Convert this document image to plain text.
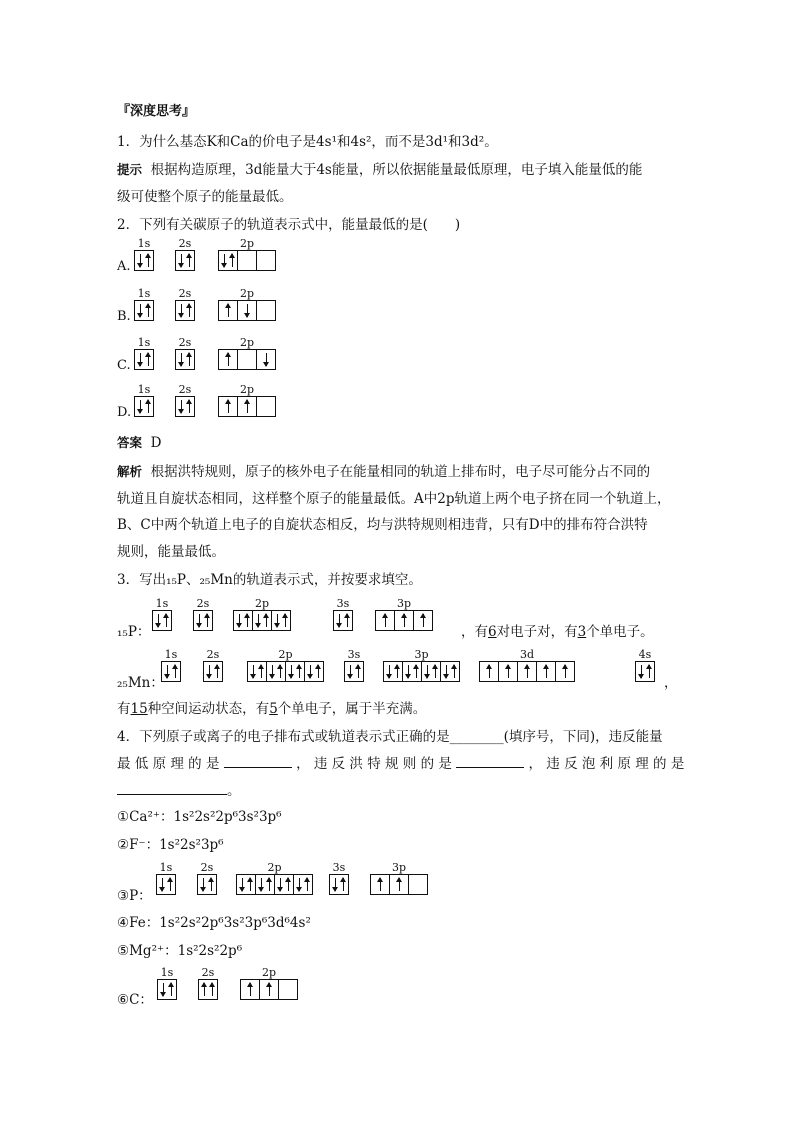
『深度思考』
1．为什么基态K和Ca的价电子是4s¹和4s²，而不是3d¹和3d²。
提示 根据构造原理，3d能量大于4s能量，所以依据能量最低原理，电子填入能量低的能
级可使整个原子的能量最低。
2．下列有关碳原子的轨道表示式中，能量最低的是(　　)
A.
1s	2s	2p
B.
1s	2s	2p
C.
1s	2s	2p
D.
1s	2s	2p
答案 D
解析 根据洪特规则，原子的核外电子在能量相同的轨道上排布时，电子尽可能分占不同的
轨道且自旋状态相同，这样整个原子的能量最低。A中2p轨道上两个电子挤在同一个轨道上，
B、C中两个轨道上电子的自旋状态相反，均与洪特规则相违背，只有D中的排布符合洪特
规则，能量最低。
3．写出₁₅P、₂₅Mn的轨道表示式，并按要求填空。
₁₅P：
1s	2s	2p	3s	3p
，有6对电子对，有3个单电子。
₂₅Mn：
1s	2s	2p	3s	3p	3d	4s
，
有15种空间运动状态，有5个单电子，属于半充满。
4．下列原子或离子的电子排布式或轨道表示式正确的是________(填序号，下同)，违反能量
最 低 原 理 的 是	， 违 反 洪 特 规 则 的 是	， 违 反 泡 利 原 理 的 是
。
①Ca²⁺：1s²2s²2p⁶3s²3p⁶
②F⁻：1s²2s²3p⁶
③P：
1s	2s	2p	3s	3p
④Fe：1s²2s²2p⁶3s²3p⁶3d⁶4s²
⑤Mg²⁺：1s²2s²2p⁶
⑥C：
1s	2s	2p
